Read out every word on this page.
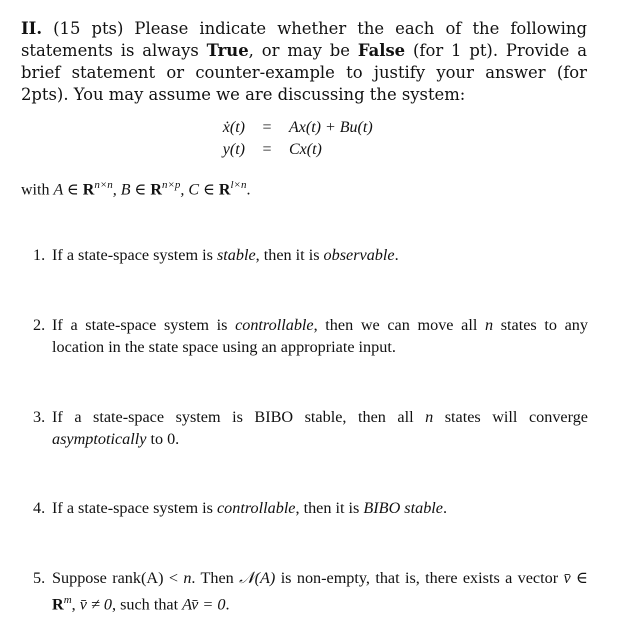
II. (15 pts) Please indicate whether the each of the following statements is always True, or may be False (for 1 pt). Provide a brief statement or counter-example to justify your answer (for 2pts). You may assume we are discussing the system:
ẋ(t)	=	Ax(t) + Bu(t)
y(t)	=	Cx(t)
with A ∈ $R^{n\times n}$, B ∈ $R^{n\times p}$, C ∈ $R^{l\times n}$.
1. If a state-space system is stable, then it is observable.
2. If a state-space system is controllable, then we can move all n states to any location in the state space using an appropriate input.
3. If a state-space system is BIBO stable, then all n states will converge asymptotically to 0.
4. If a state-space system is controllable, then it is BIBO stable.
5. Suppose rank(A) < n. Then 𝒩(A) is non-empty, that is, there exists a vector v̄ ∈ $R^m$, v̄ ≠ 0, such that Av̄ = 0.
